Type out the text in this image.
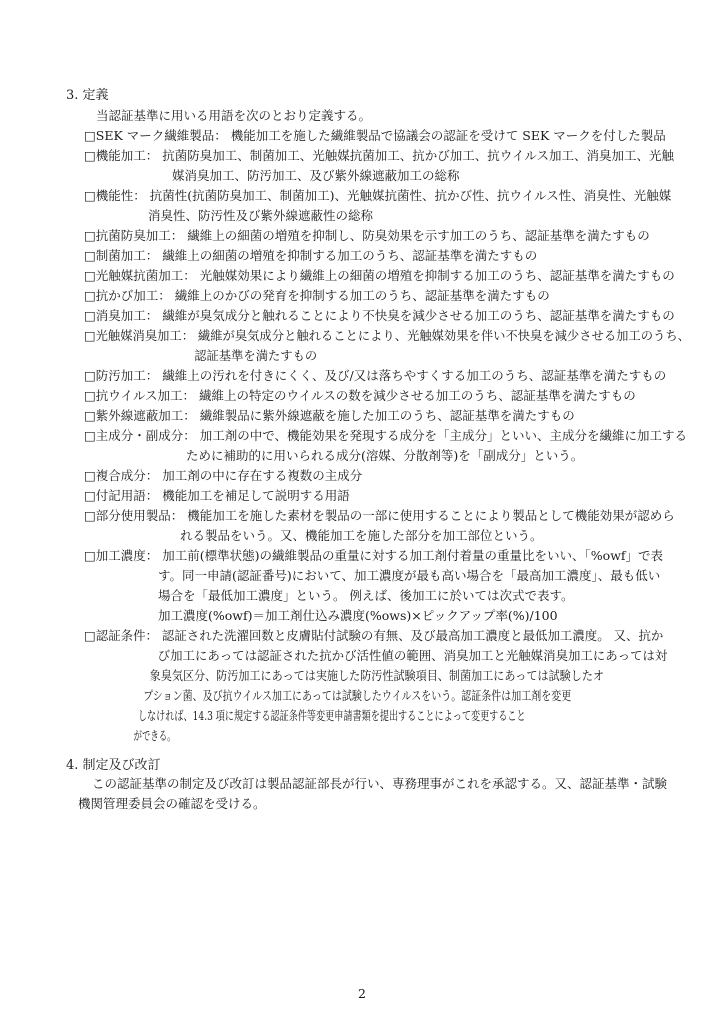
3. 定義
当認証基準に用いる用語を次のとおり定義する。
□SEK マーク繊維製品： 機能加工を施した繊維製品で協議会の認証を受けて SEK マークを付した製品
□機能加工： 抗菌防臭加工、制菌加工、光触媒抗菌加工、抗かび加工、抗ウイルス加工、消臭加工、光触
媒消臭加工、防汚加工、及び紫外線遮蔽加工の総称
□機能性： 抗菌性(抗菌防臭加工、制菌加工)、光触媒抗菌性、抗かび性、抗ウイルス性、消臭性、光触媒
消臭性、防汚性及び紫外線遮蔽性の総称
□抗菌防臭加工： 繊維上の細菌の増殖を抑制し、防臭効果を示す加工のうち、認証基準を満たすもの
□制菌加工： 繊維上の細菌の増殖を抑制する加工のうち、認証基準を満たすもの
□光触媒抗菌加工： 光触媒効果により繊維上の細菌の増殖を抑制する加工のうち、認証基準を満たすもの
□抗かび加工： 繊維上のかびの発育を抑制する加工のうち、認証基準を満たすもの
□消臭加工： 繊維が臭気成分と触れることにより不快臭を減少させる加工のうち、認証基準を満たすもの
□光触媒消臭加工： 繊維が臭気成分と触れることにより、光触媒効果を伴い不快臭を減少させる加工のうち、
認証基準を満たすもの
□防汚加工： 繊維上の汚れを付きにくく、及び/又は落ちやすくする加工のうち、認証基準を満たすもの
□抗ウイルス加工： 繊維上の特定のウイルスの数を減少させる加工のうち、認証基準を満たすもの
□紫外線遮蔽加工： 繊維製品に紫外線遮蔽を施した加工のうち、認証基準を満たすもの
□主成分・副成分： 加工剤の中で、機能効果を発現する成分を「主成分」といい、主成分を繊維に加工する
ために補助的に用いられる成分(溶媒、分散剤等)を「副成分」という。
□複合成分： 加工剤の中に存在する複数の主成分
□付記用語： 機能加工を補足して説明する用語
□部分使用製品： 機能加工を施した素材を製品の一部に使用することにより製品として機能効果が認めら
れる製品をいう。又、機能加工を施した部分を加工部位という。
□加工濃度： 加工前(標準状態)の繊維製品の重量に対する加工剤付着量の重量比をいい、「%owf」で表
す。同一申請(認証番号)において、加工濃度が最も高い場合を「最高加工濃度」、最も低い
場合を「最低加工濃度」という。 例えば、後加工に於いては次式で表す。
加工濃度(%owf)＝加工剤仕込み濃度(%ows)×ピックアップ率(%)/100
□認証条件： 認証された洗濯回数と皮膚貼付試験の有無、及び最高加工濃度と最低加工濃度。 又、抗か
び加工にあっては認証された抗かび活性値の範囲、消臭加工と光触媒消臭加工にあっては対
象臭気区分、防汚加工にあっては実施した防汚性試験項目、制菌加工にあっては試験したオ
プション菌、及び抗ウイルス加工にあっては試験したウイルスをいう。認証条件は加工剤を変更
しなければ、14.3 項に規定する認証条件等変更申請書類を提出することによって変更すること
ができる。
4. 制定及び改訂
この認証基準の制定及び改訂は製品認証部長が行い、専務理事がこれを承認する。又、認証基準・試験
機関管理委員会の確認を受ける。
2
